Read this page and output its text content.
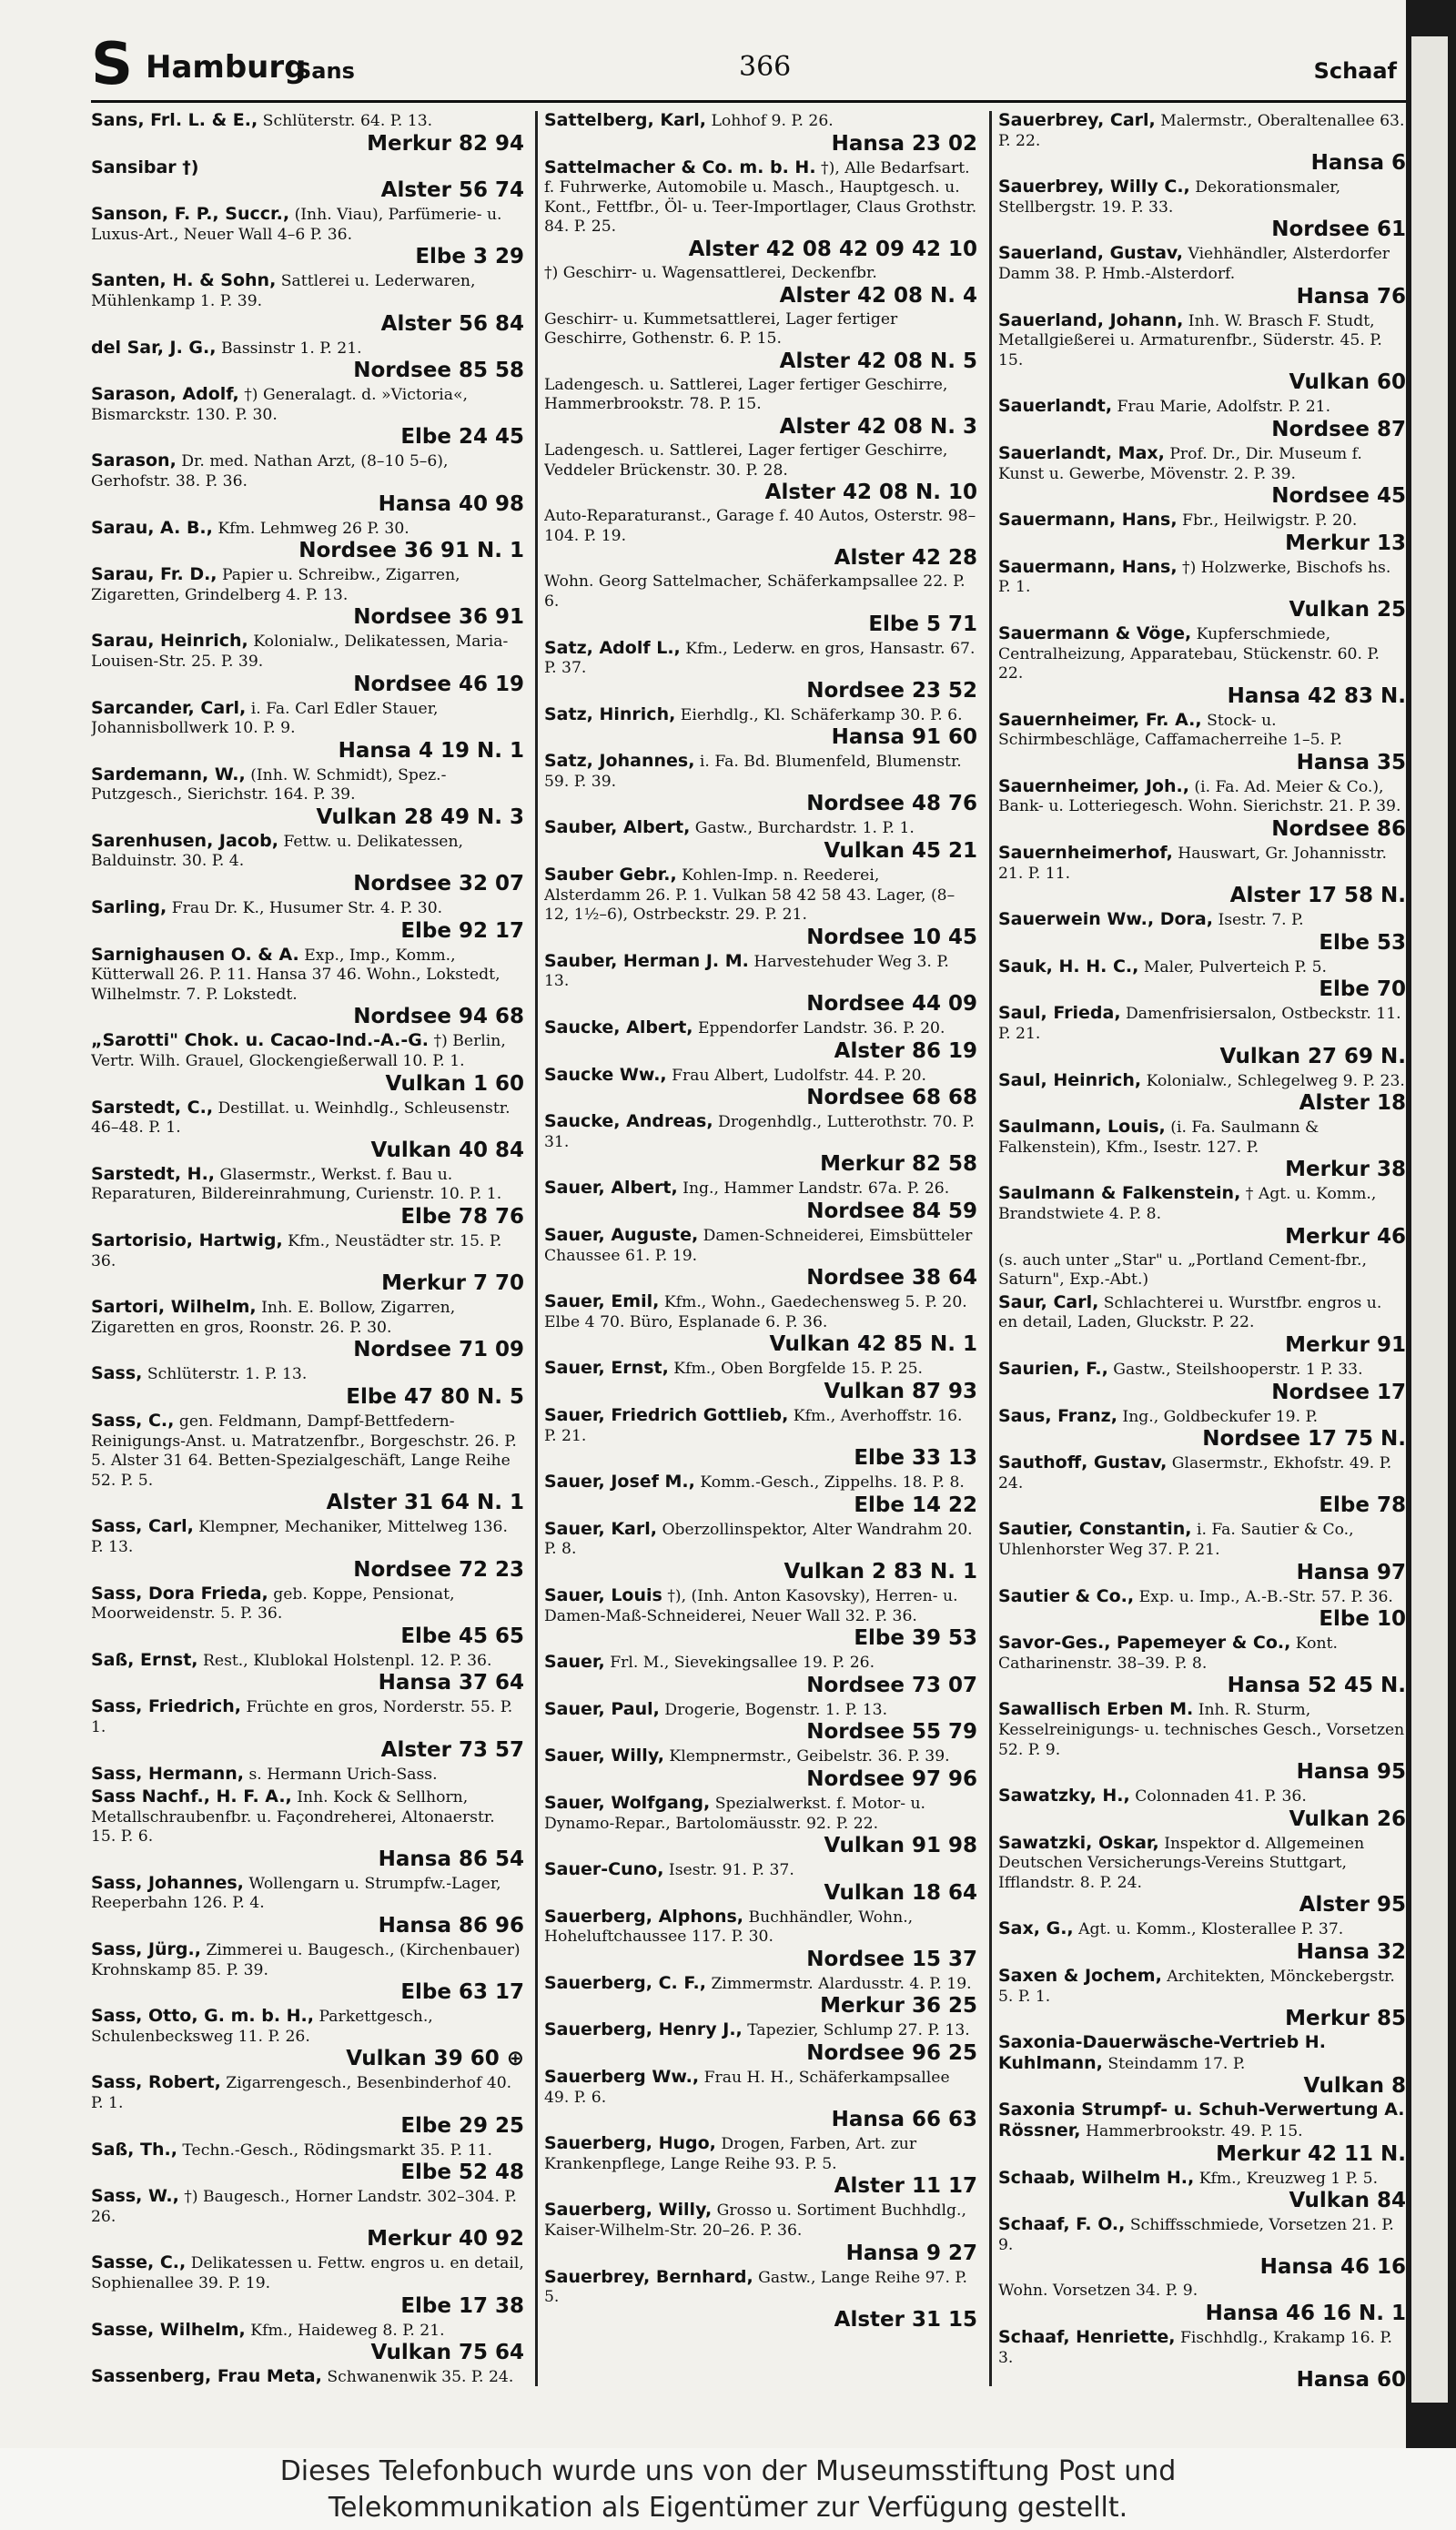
S Hamburg
Sans	366	Schaaf
Sans, Frl. L. & E., Schlüterstr. 64. P. 13.
Merkur 82 94
Sansibar †)
Alster 56 74
Sanson, F. P., Succr., (Inh. Viau), Parfümerie- u. Luxus-Art., Neuer Wall 4–6 P. 36.
Elbe 3 29
Santen, H. & Sohn, Sattlerei u. Lederwaren, Mühlenkamp 1. P. 39.
Alster 56 84
del Sar, J. G., Bassinstr 1. P. 21.
Nordsee 85 58
Sarason, Adolf, †) Generalagt. d. »Victoria«, Bismarckstr. 130. P. 30.
Elbe 24 45
Sarason, Dr. med. Nathan Arzt, (8–10 5–6), Gerhofstr. 38. P. 36.
Hansa 40 98
Sarau, A. B., Kfm. Lehmweg 26 P. 30.
Nordsee 36 91 N. 1
Sarau, Fr. D., Papier u. Schreibw., Zigarren, Zigaretten, Grindelberg 4. P. 13.
Nordsee 36 91
Sarau, Heinrich, Kolonialw., Delikatessen, Maria-Louisen-Str. 25. P. 39.
Nordsee 46 19
Sarcander, Carl, i. Fa. Carl Edler Stauer, Johannisbollwerk 10. P. 9.
Hansa 4 19 N. 1
Sardemann, W., (Inh. W. Schmidt), Spez.-Putzgesch., Sierichstr. 164. P. 39.
Vulkan 28 49 N. 3
Sarenhusen, Jacob, Fettw. u. Delikatessen, Balduinstr. 30. P. 4.
Nordsee 32 07
Sarling, Frau Dr. K., Husumer Str. 4. P. 30.
Elbe 92 17
Sarnighausen O. & A. Exp., Imp., Komm., Kütterwall 26. P. 11. Hansa 37 46. Wohn., Lokstedt, Wilhelmstr. 7. P. Lokstedt.
Nordsee 94 68
„Sarotti" Chok. u. Cacao-Ind.-A.-G. †) Berlin, Vertr. Wilh. Grauel, Glockengießerwall 10. P. 1.
Vulkan 1 60
Sarstedt, C., Destillat. u. Weinhdlg., Schleusenstr. 46–48. P. 1.
Vulkan 40 84
Sarstedt, H., Glasermstr., Werkst. f. Bau u. Reparaturen, Bildereinrahmung, Curienstr. 10. P. 1.
Elbe 78 76
Sartorisio, Hartwig, Kfm., Neustädter str. 15. P. 36.
Merkur 7 70
Sartori, Wilhelm, Inh. E. Bollow, Zigarren, Zigaretten en gros, Roonstr. 26. P. 30.
Nordsee 71 09
Sass, Schlüterstr. 1. P. 13.
Elbe 47 80 N. 5
Sass, C., gen. Feldmann, Dampf-Bettfedern-Reinigungs-Anst. u. Matratzenfbr., Borgeschstr. 26. P. 5. Alster 31 64. Betten-Spezialgeschäft, Lange Reihe 52. P. 5.
Alster 31 64 N. 1
Sass, Carl, Klempner, Mechaniker, Mittelweg 136. P. 13.
Nordsee 72 23
Sass, Dora Frieda, geb. Koppe, Pensionat, Moorweidenstr. 5. P. 36.
Elbe 45 65
Saß, Ernst, Rest., Klublokal Holstenpl. 12. P. 36.
Hansa 37 64
Sass, Friedrich, Früchte en gros, Norderstr. 55. P. 1.
Alster 73 57
Sass, Hermann, s. Hermann Urich-Sass.
Sass Nachf., H. F. A., Inh. Kock & Sellhorn, Metallschraubenfbr. u. Façondreherei, Altonaerstr. 15. P. 6.
Hansa 86 54
Sass, Johannes, Wollengarn u. Strumpfw.-Lager, Reeperbahn 126. P. 4.
Hansa 86 96
Sass, Jürg., Zimmerei u. Baugesch., (Kirchenbauer) Krohnskamp 85. P. 39.
Elbe 63 17
Sass, Otto, G. m. b. H., Parkettgesch., Schulenbecksweg 11. P. 26.
Vulkan 39 60 ⊕
Sass, Robert, Zigarrengesch., Besenbinderhof 40. P. 1.
Elbe 29 25
Saß, Th., Techn.-Gesch., Rödingsmarkt 35. P. 11.
Elbe 52 48
Sass, W., †) Baugesch., Horner Landstr. 302–304. P. 26.
Merkur 40 92
Sasse, C., Delikatessen u. Fettw. engros u. en detail, Sophienallee 39. P. 19.
Elbe 17 38
Sasse, Wilhelm, Kfm., Haideweg 8. P. 21.
Vulkan 75 64
Sassenberg, Frau Meta, Schwanenwik 35. P. 24.
Sattelberg, Karl, Lohhof 9. P. 26.
Hansa 23 02
Sattelmacher & Co. m. b. H. †), Alle Bedarfsart. f. Fuhrwerke, Automobile u. Masch., Hauptgesch. u. Kont., Fettfbr., Öl- u. Teer-Importlager, Claus Grothstr. 84. P. 25.
Alster 42 08 42 09 42 10
†) Geschirr- u. Wagensattlerei, Deckenfbr.
Alster 42 08 N. 4
Geschirr- u. Kummetsattlerei, Lager fertiger Geschirre, Gothenstr. 6. P. 15.
Alster 42 08 N. 5
Ladengesch. u. Sattlerei, Lager fertiger Geschirre, Hammerbrookstr. 78. P. 15.
Alster 42 08 N. 3
Ladengesch. u. Sattlerei, Lager fertiger Geschirre, Veddeler Brückenstr. 30. P. 28.
Alster 42 08 N. 10
Auto-Reparaturanst., Garage f. 40 Autos, Osterstr. 98–104. P. 19.
Alster 42 28
Wohn. Georg Sattelmacher, Schäferkampsallee 22. P. 6.
Elbe 5 71
Satz, Adolf L., Kfm., Lederw. en gros, Hansastr. 67. P. 37.
Nordsee 23 52
Satz, Hinrich, Eierhdlg., Kl. Schäferkamp 30. P. 6.
Hansa 91 60
Satz, Johannes, i. Fa. Bd. Blumenfeld, Blumenstr. 59. P. 39.
Nordsee 48 76
Sauber, Albert, Gastw., Burchardstr. 1. P. 1.
Vulkan 45 21
Sauber Gebr., Kohlen-Imp. n. Reederei, Alsterdamm 26. P. 1. Vulkan 58 42 58 43. Lager, (8–12, 1½–6), Ostrbeckstr. 29. P. 21.
Nordsee 10 45
Sauber, Herman J. M. Harvestehuder Weg 3. P. 13.
Nordsee 44 09
Saucke, Albert, Eppendorfer Landstr. 36. P. 20.
Alster 86 19
Saucke Ww., Frau Albert, Ludolfstr. 44. P. 20.
Nordsee 68 68
Saucke, Andreas, Drogenhdlg., Lutterothstr. 70. P. 31.
Merkur 82 58
Sauer, Albert, Ing., Hammer Landstr. 67a. P. 26.
Nordsee 84 59
Sauer, Auguste, Damen-Schneiderei, Eimsbütteler Chaussee 61. P. 19.
Nordsee 38 64
Sauer, Emil, Kfm., Wohn., Gaedechensweg 5. P. 20. Elbe 4 70. Büro, Esplanade 6. P. 36.
Vulkan 42 85 N. 1
Sauer, Ernst, Kfm., Oben Borgfelde 15. P. 25.
Vulkan 87 93
Sauer, Friedrich Gottlieb, Kfm., Averhoffstr. 16. P. 21.
Elbe 33 13
Sauer, Josef M., Komm.-Gesch., Zippelhs. 18. P. 8.
Elbe 14 22
Sauer, Karl, Oberzollinspektor, Alter Wandrahm 20. P. 8.
Vulkan 2 83 N. 1
Sauer, Louis †), (Inh. Anton Kasovsky), Herren- u. Damen-Maß-Schneiderei, Neuer Wall 32. P. 36.
Elbe 39 53
Sauer, Frl. M., Sievekingsallee 19. P. 26.
Nordsee 73 07
Sauer, Paul, Drogerie, Bogenstr. 1. P. 13.
Nordsee 55 79
Sauer, Willy, Klempnermstr., Geibelstr. 36. P. 39.
Nordsee 97 96
Sauer, Wolfgang, Spezialwerkst. f. Motor- u. Dynamo-Repar., Bartolomäusstr. 92. P. 22.
Vulkan 91 98
Sauer-Cuno, Isestr. 91. P. 37.
Vulkan 18 64
Sauerberg, Alphons, Buchhändler, Wohn., Hoheluftchaussee 117. P. 30.
Nordsee 15 37
Sauerberg, C. F., Zimmermstr. Alardusstr. 4. P. 19.
Merkur 36 25
Sauerberg, Henry J., Tapezier, Schlump 27. P. 13.
Nordsee 96 25
Sauerberg Ww., Frau H. H., Schäferkampsallee 49. P. 6.
Hansa 66 63
Sauerberg, Hugo, Drogen, Farben, Art. zur Krankenpflege, Lange Reihe 93. P. 5.
Alster 11 17
Sauerberg, Willy, Grosso u. Sortiment Buchhdlg., Kaiser-Wilhelm-Str. 20–26. P. 36.
Hansa 9 27
Sauerbrey, Bernhard, Gastw., Lange Reihe 97. P. 5.
Alster 31 15
Sauerbrey, Carl, Malermstr., Oberaltenallee 63. P. 22.
Hansa 6
Sauerbrey, Willy C., Dekorationsmaler, Stellbergstr. 19. P. 33.
Nordsee 61
Sauerland, Gustav, Viehhändler, Alsterdorfer Damm 38. P. Hmb.-Alsterdorf.
Hansa 76
Sauerland, Johann, Inh. W. Brasch F. Studt, Metallgießerei u. Armaturenfbr., Süderstr. 45. P. 15.
Vulkan 60
Sauerlandt, Frau Marie, Adolfstr. P. 21.
Nordsee 87
Sauerlandt, Max, Prof. Dr., Dir. Museum f. Kunst u. Gewerbe, Mövenstr. 2. P. 39.
Nordsee 45
Sauermann, Hans, Fbr., Heilwigstr. P. 20.
Merkur 13
Sauermann, Hans, †) Holzwerke, Bischofs hs. P. 1.
Vulkan 25
Sauermann & Vöge, Kupferschmiede, Centralheizung, Apparatebau, Stückenstr. 60. P. 22.
Hansa 42 83 N.
Sauernheimer, Fr. A., Stock- u. Schirmbeschläge, Caffamacherreihe 1–5. P.
Hansa 35
Sauernheimer, Joh., (i. Fa. Ad. Meier & Co.), Bank- u. Lotteriegesch. Wohn. Sierichstr. 21. P. 39.
Nordsee 86
Sauernheimerhof, Hauswart, Gr. Johannisstr. 21. P. 11.
Alster 17 58 N.
Sauerwein Ww., Dora, Isestr. 7. P.
Elbe 53
Sauk, H. H. C., Maler, Pulverteich P. 5.
Elbe 70
Saul, Frieda, Damenfrisiersalon, Ostbeckstr. 11. P. 21.
Vulkan 27 69 N.
Saul, Heinrich, Kolonialw., Schlegelweg 9. P. 23.
Alster 18
Saulmann, Louis, (i. Fa. Saulmann & Falkenstein), Kfm., Isestr. 127. P.
Merkur 38
Saulmann & Falkenstein, † Agt. u. Komm., Brandstwiete 4. P. 8.
Merkur 46
(s. auch unter „Star" u. „Portland Cement-fbr., Saturn", Exp.-Abt.)
Saur, Carl, Schlachterei u. Wurstfbr. engros u. en detail, Laden, Gluckstr. P. 22.
Merkur 91
Saurien, F., Gastw., Steilshooperstr. 1 P. 33.
Nordsee 17
Saus, Franz, Ing., Goldbeckufer 19. P.
Nordsee 17 75 N.
Sauthoff, Gustav, Glasermstr., Ekhofstr. 49. P. 24.
Elbe 78
Sautier, Constantin, i. Fa. Sautier & Co., Uhlenhorster Weg 37. P. 21.
Hansa 97
Sautier & Co., Exp. u. Imp., A.-B.-Str. 57. P. 36.
Elbe 10
Savor-Ges., Papemeyer & Co., Kont. Catharinenstr. 38–39. P. 8.
Hansa 52 45 N.
Sawallisch Erben M. Inh. R. Sturm, Kesselreinigungs- u. technisches Gesch., Vorsetzen 52. P. 9.
Hansa 95
Sawatzky, H., Colonnaden 41. P. 36.
Vulkan 26
Sawatzki, Oskar, Inspektor d. Allgemeinen Deutschen Versicherungs-Vereins Stuttgart, Ifflandstr. 8. P. 24.
Alster 95
Sax, G., Agt. u. Komm., Klosterallee P. 37.
Hansa 32
Saxen & Jochem, Architekten, Mönckebergstr. 5. P. 1.
Merkur 85
Saxonia-Dauerwäsche-Vertrieb H. Kuhlmann, Steindamm 17. P.
Vulkan 8
Saxonia Strumpf- u. Schuh-Verwertung A. Rössner, Hammerbrookstr. 49. P. 15.
Merkur 42 11 N.
Schaab, Wilhelm H., Kfm., Kreuzweg 1 P. 5.
Vulkan 84
Schaaf, F. O., Schiffsschmiede, Vorsetzen 21. P. 9.
Hansa 46 16
Wohn. Vorsetzen 34. P. 9.
Hansa 46 16 N. 1
Schaaf, Henriette, Fischhdlg., Krakamp 16. P. 3.
Hansa 60
Dieses Telefonbuch wurde uns von der Museumsstiftung Post und
Telekommunikation als Eigentümer zur Verfügung gestellt.
